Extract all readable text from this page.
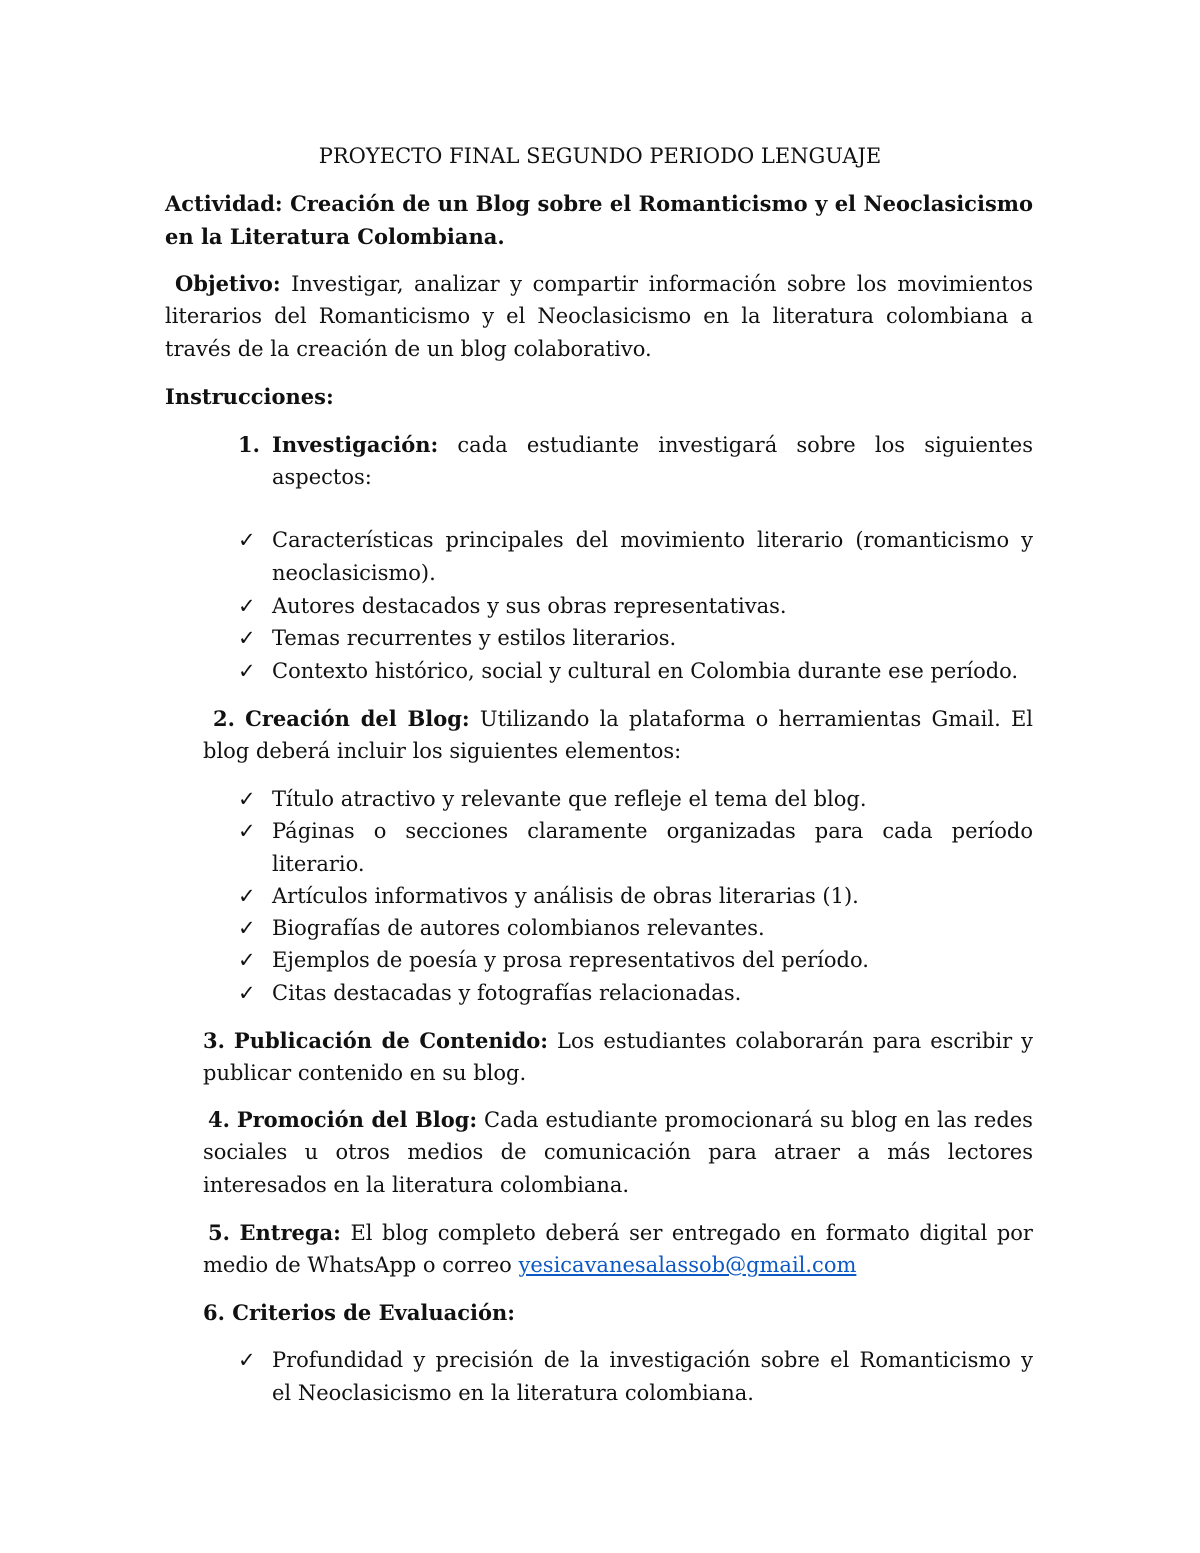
PROYECTO FINAL SEGUNDO PERIODO LENGUAJE
Actividad: Creación de un Blog sobre el Romanticismo y el Neoclasicismo
en la Literatura Colombiana.
Objetivo: Investigar, analizar y compartir información sobre los movimientos
literarios del Romanticismo y el Neoclasicismo en la literatura colombiana a
través de la creación de un blog colaborativo.
Instrucciones:
1. Investigación: cada estudiante investigará sobre los siguientes
aspectos:
✓ Características principales del movimiento literario (romanticismo y
neoclasicismo).
✓ Autores destacados y sus obras representativas.
✓ Temas recurrentes y estilos literarios.
✓ Contexto histórico, social y cultural en Colombia durante ese período.
2. Creación del Blog: Utilizando la plataforma o herramientas Gmail. El
blog deberá incluir los siguientes elementos:
✓ Título atractivo y relevante que refleje el tema del blog.
✓ Páginas o secciones claramente organizadas para cada período
literario.
✓ Artículos informativos y análisis de obras literarias (1).
✓ Biografías de autores colombianos relevantes.
✓ Ejemplos de poesía y prosa representativos del período.
✓ Citas destacadas y fotografías relacionadas.
3. Publicación de Contenido: Los estudiantes colaborarán para escribir y
publicar contenido en su blog.
4. Promoción del Blog: Cada estudiante promocionará su blog en las redes
sociales u otros medios de comunicación para atraer a más lectores
interesados en la literatura colombiana.
5. Entrega: El blog completo deberá ser entregado en formato digital por
medio de WhatsApp o correo yesicavanesalassob@gmail.com
6. Criterios de Evaluación:
✓ Profundidad y precisión de la investigación sobre el Romanticismo y
el Neoclasicismo en la literatura colombiana.
